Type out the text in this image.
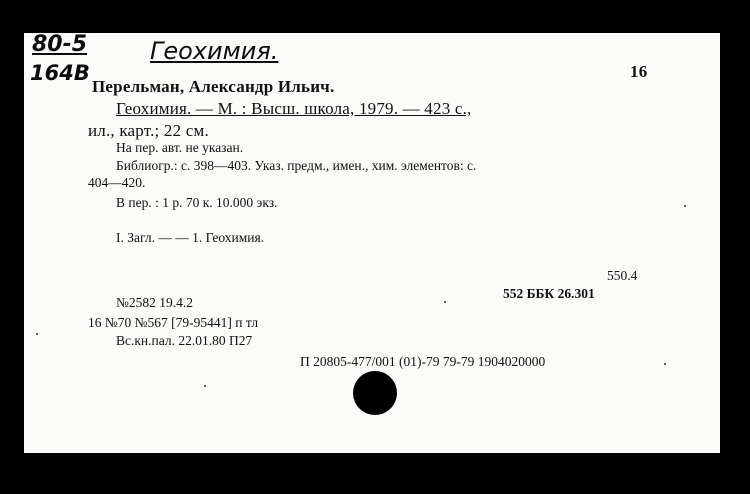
80-5
164B
Геохимия.
16
Перельман, Александр Ильич.
Геохимия. — М. : Высш. школа, 1979. — 423 с.,
ил., карт.; 22 см.
На пер. авт. не указан.
Библиогр.: с. 398—403. Указ. предм., имен., хим. элементов: с.
404—420.
В пер. : 1 р. 70 к. 10.000 экз.
I. Загл. — — 1. Геохимия.
550.4
552 ББК 26.301
№2582 19.4.2
16 №70 №567 [79-95441] п тл
Вс.кн.пал. 22.01.80 П27
П 20805-477/001 (01)-79 79-79 1904020000
